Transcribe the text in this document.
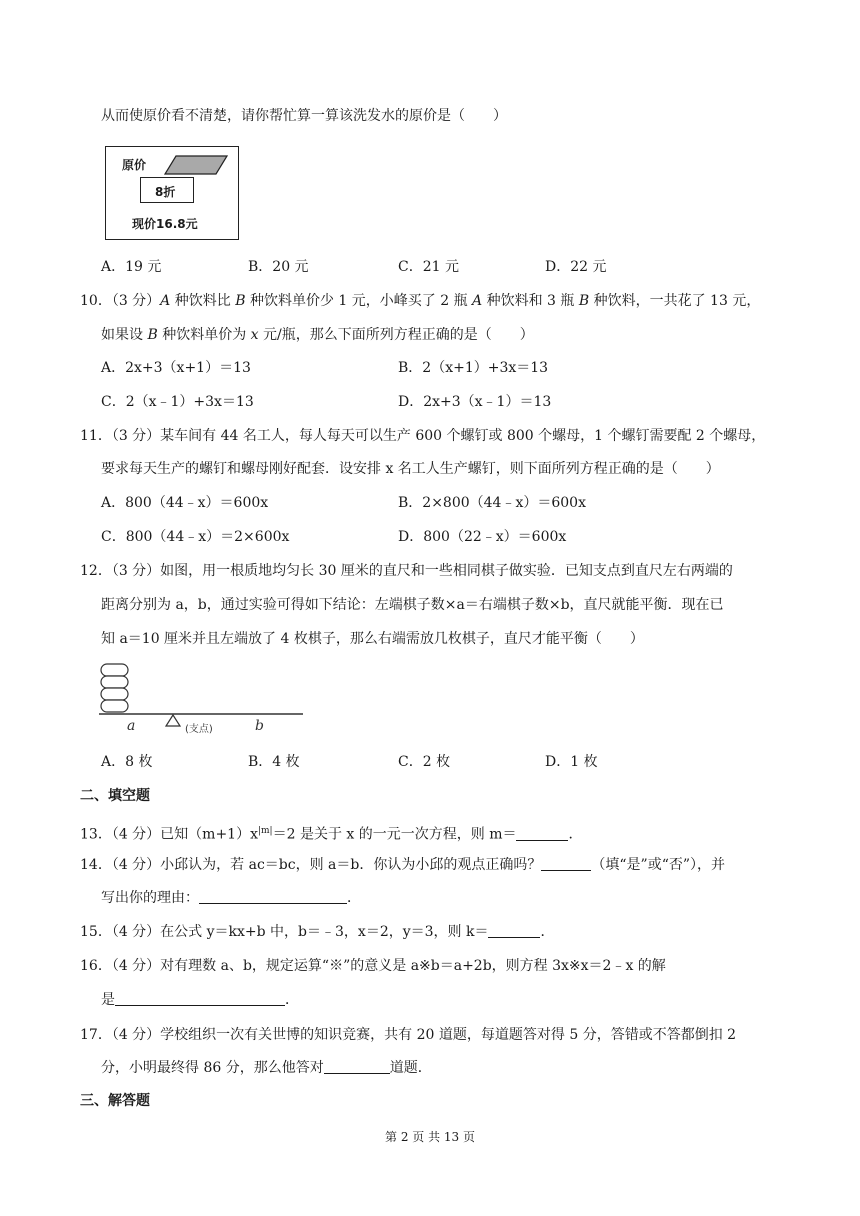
从而使原价看不清楚，请你帮忙算一算该洗发水的原价是（　　）
原价
8折
现价16.8元
A．19 元	B．20 元	C．21 元	D．22 元
10．（3 分）A 种饮料比 B 种饮料单价少 1 元，小峰买了 2 瓶 A 种饮料和 3 瓶 B 种饮料，一共花了 13 元，
如果设 B 种饮料单价为 x 元/瓶，那么下面所列方程正确的是（　　）
A．2x+3（x+1）＝13	B．2（x+1）+3x＝13
C．2（x﹣1）+3x＝13	D．2x+3（x﹣1）＝13
11．（3 分）某车间有 44 名工人，每人每天可以生产 600 个螺钉或 800 个螺母，1 个螺钉需要配 2 个螺母，
要求每天生产的螺钉和螺母刚好配套．设安排 x 名工人生产螺钉，则下面所列方程正确的是（　　）
A．800（44﹣x）＝600x	B．2×800（44﹣x）＝600x
C．800（44﹣x）＝2×600x	D．800（22﹣x）＝600x
12．（3 分）如图，用一根质地均匀长 30 厘米的直尺和一些相同棋子做实验．已知支点到直尺左右两端的
距离分别为 a，b，通过实验可得如下结论：左端棋子数×a＝右端棋子数×b，直尺就能平衡．现在已
知 a＝10 厘米并且左端放了 4 枚棋子，那么右端需放几枚棋子，直尺才能平衡（　　）
a	(支点)	b
A．8 枚	B．4 枚	C．2 枚	D．1 枚
二、填空题
13．（4 分）已知$(m+1)x^{|m|}=2$ 是关于 x 的一元一次方程，则 m＝	．
14．（4 分）小邱认为，若 ac＝bc，则 a＝b．你认为小邱的观点正确吗？	（填“是”或“否”），并
写出你的理由：	．
15．（4 分）在公式 y＝kx+b 中，b＝﹣3，x＝2，y＝3，则 k＝	．
16．（4 分）对有理数 a、b，规定运算“※”的意义是 a※b＝a+2b，则方程 3x※x＝2﹣x 的解
是	．
17．（4 分）学校组织一次有关世博的知识竞赛，共有 20 道题，每道题答对得 5 分，答错或不答都倒扣 2
分，小明最终得 86 分，那么他答对	道题．
三、解答题
第 2 页 共 13 页
